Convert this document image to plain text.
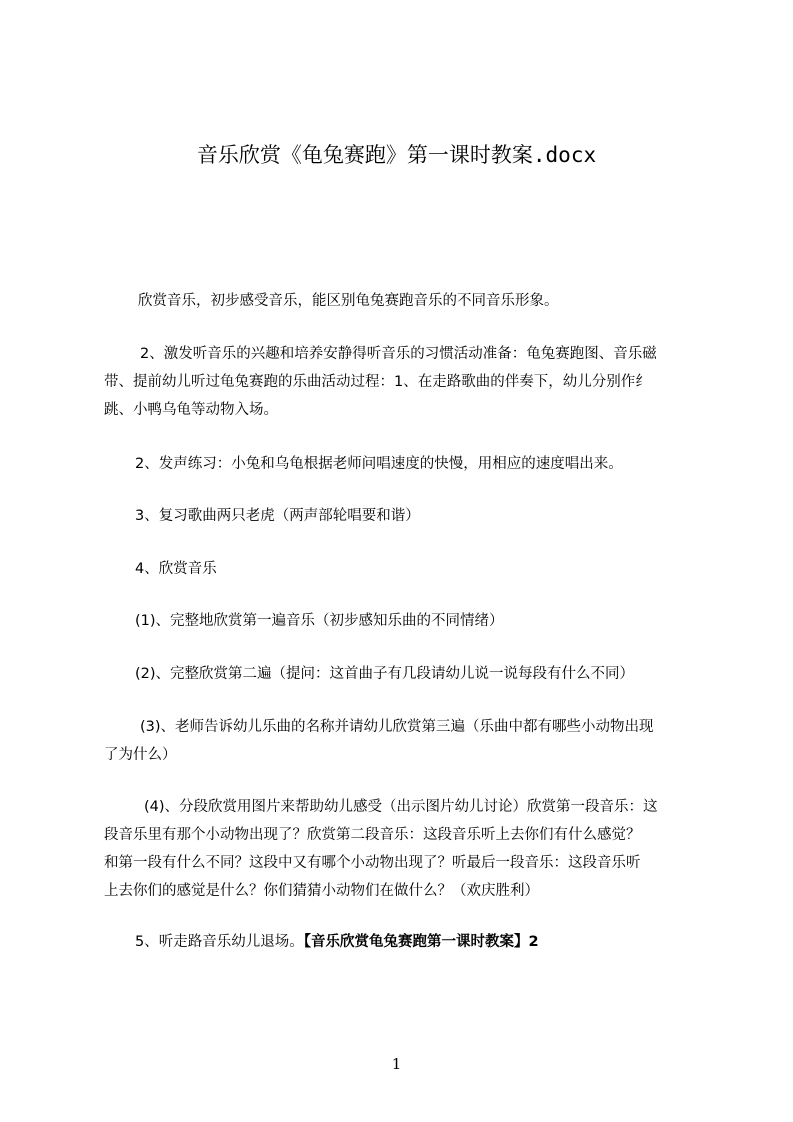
音乐欣赏《龟兔赛跑》第一课时教案.docx

欣赏音乐，初步感受音乐，能区别龟兔赛跑音乐的不同音乐形象。

2、激发听音乐的兴趣和培养安静得听音乐的习惯活动准备：龟兔赛跑图、音乐磁
带、提前幼儿听过龟兔赛跑的乐曲活动过程：1、在走路歌曲的伴奏下，幼儿分别作纟
跳、小鸭乌龟等动物入场。

2、发声练习：小兔和乌龟根据老师问唱速度的快慢，用相应的速度唱出来。

3、复习歌曲两只老虎（两声部轮唱要和谐）

4、欣赏音乐

(1)、完整地欣赏第一遍音乐（初步感知乐曲的不同情绪）

(2)、完整欣赏第二遍（提问：这首曲子有几段请幼儿说一说每段有什么不同）

(3)、老师告诉幼儿乐曲的名称并请幼儿欣赏第三遍（乐曲中都有哪些小动物出现
了为什么）

(4)、分段欣赏用图片来帮助幼儿感受（出示图片幼儿讨论）欣赏第一段音乐：这
段音乐里有那个小动物出现了？欣赏第二段音乐：这段音乐听上去你们有什么感觉？
和第一段有什么不同？这段中又有哪个小动物出现了？听最后一段音乐：这段音乐听
上去你们的感觉是什么？你们猜猜小动物们在做什么？（欢庆胜利）

5、听走路音乐幼儿退场。【音乐欣赏龟兔赛跑第一课时教案】2

1
